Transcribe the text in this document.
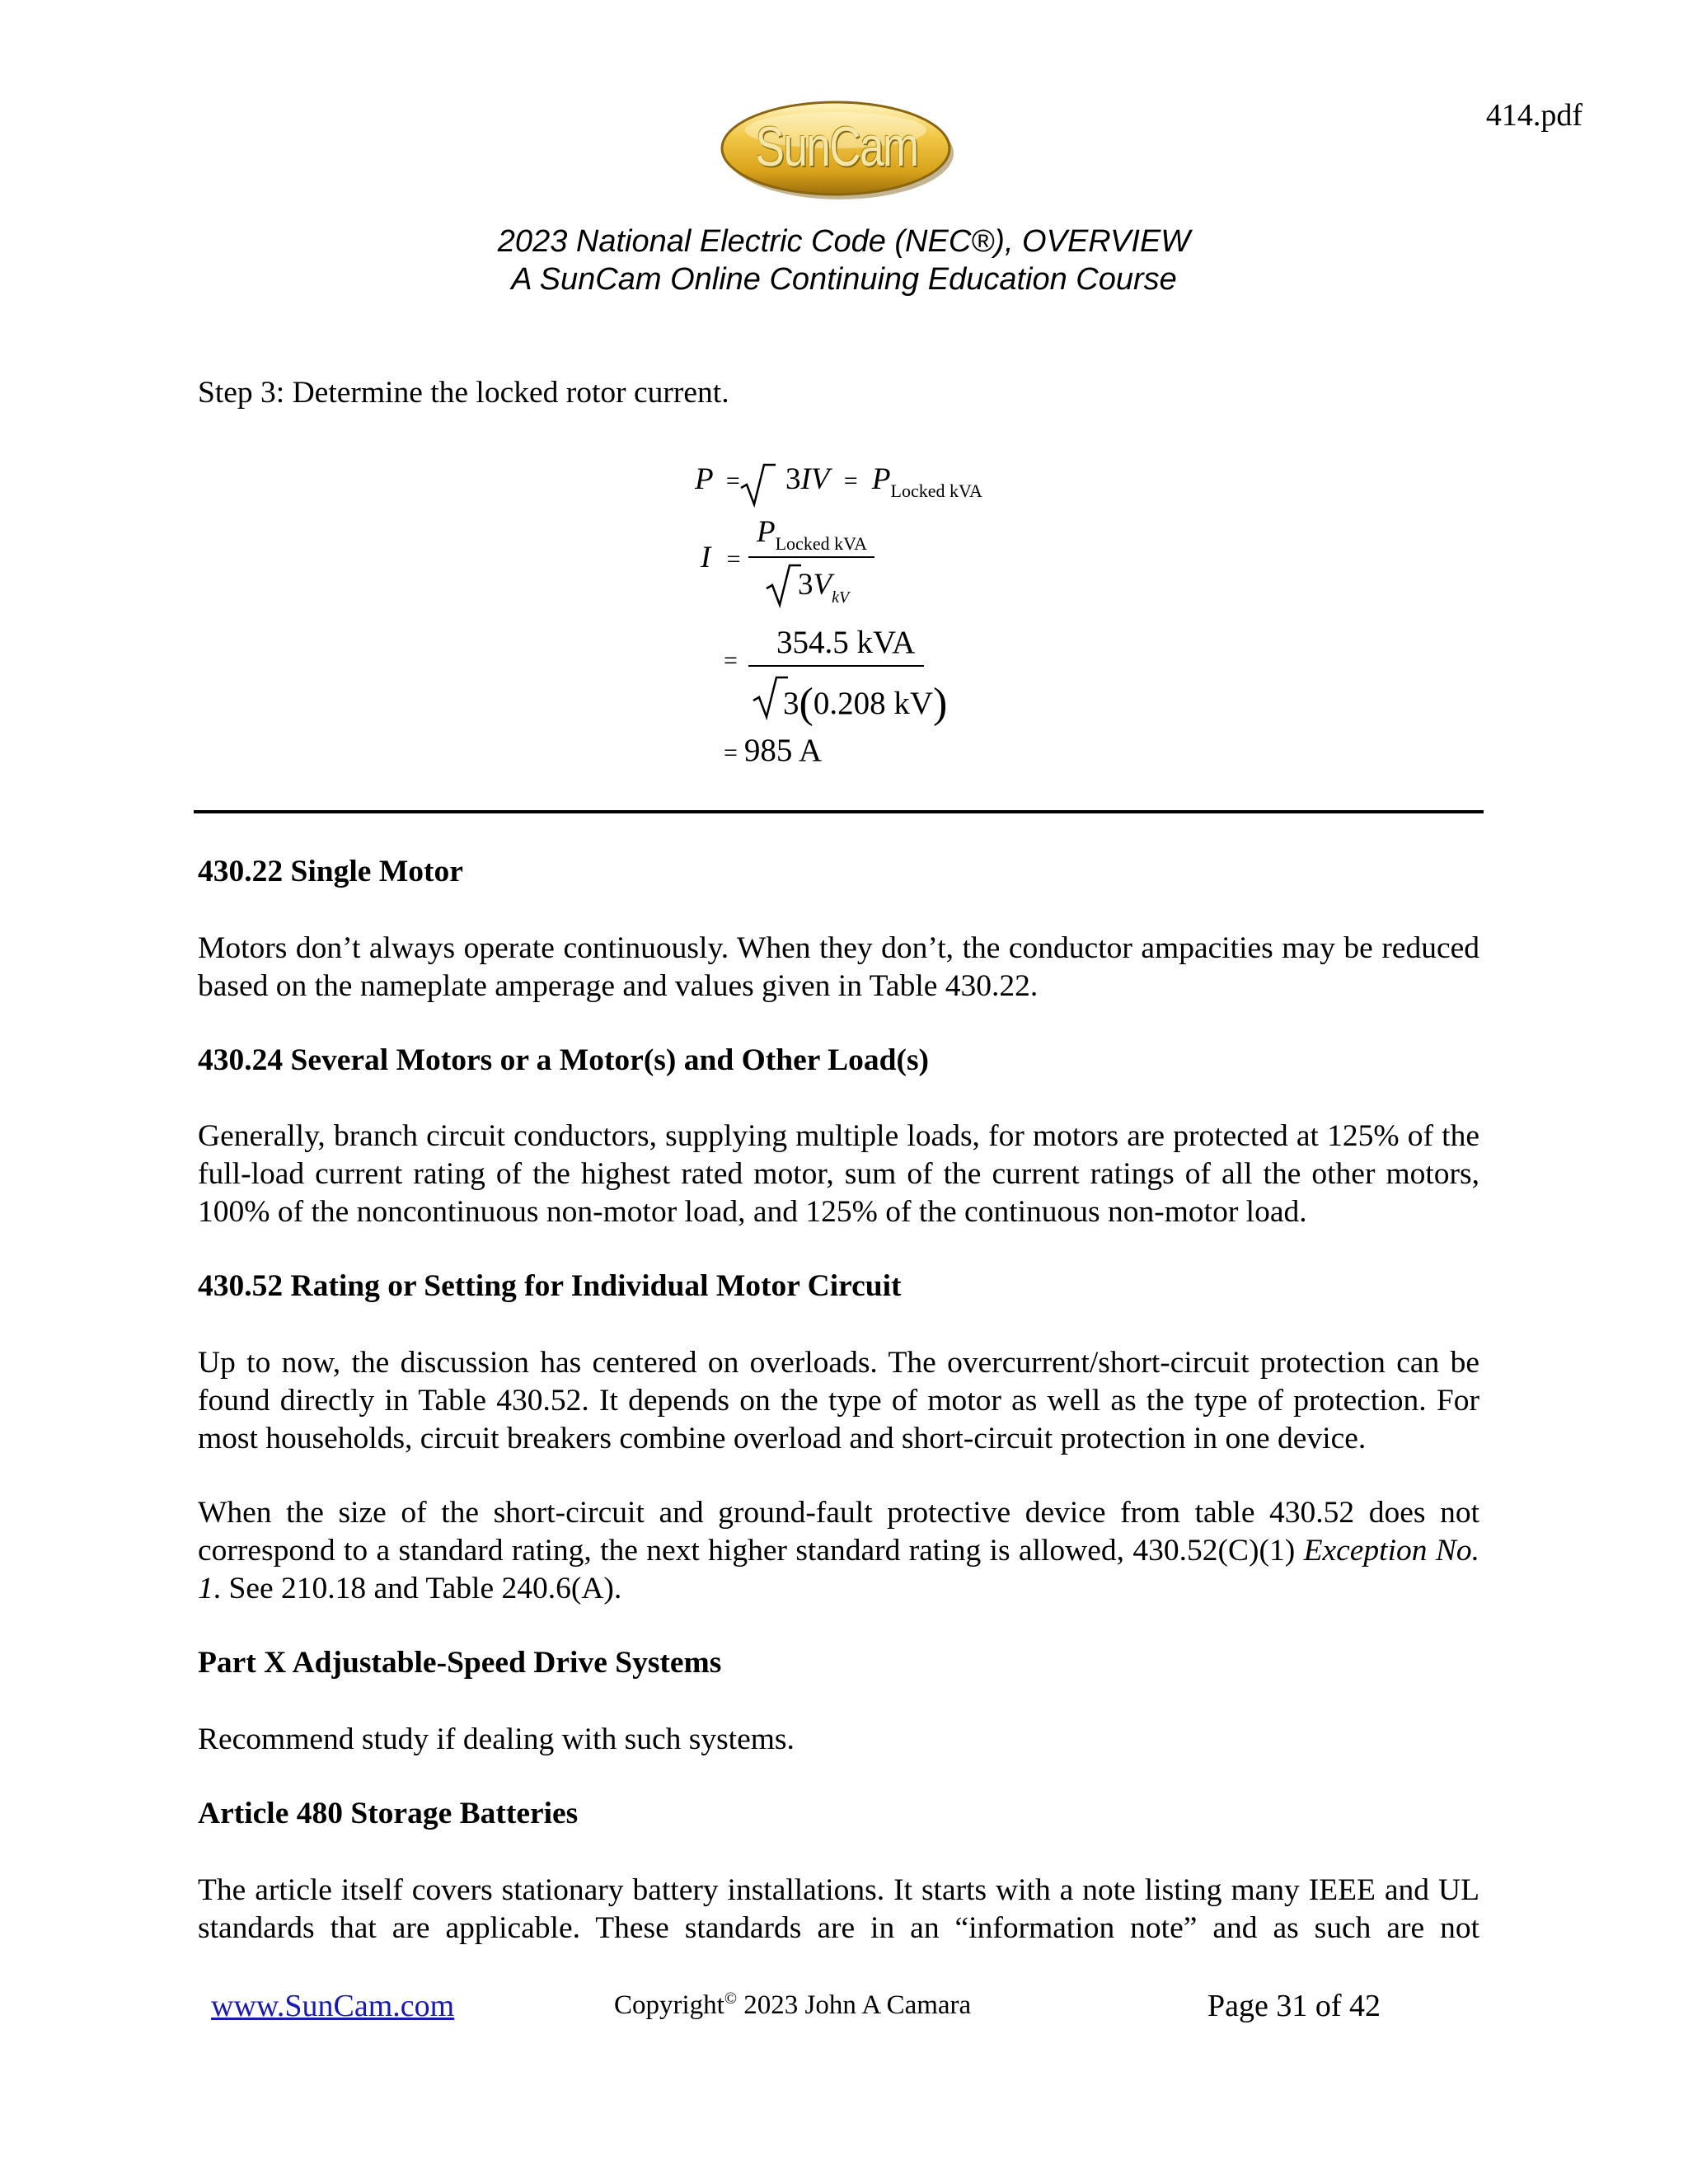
414.pdf
SunCam
2023 National Electric Code (NEC®), OVERVIEW
A SunCam Online Continuing Education Course
Step 3: Determine the locked rotor current.
$P = 3IV = P_{Locked kVA}$
I =
$P_{Locked kVA}$
$3V_{kV}$
=
354.5 kVA
3(0.208 kV)
= 985 A
430.22 Single Motor
Motors don’t always operate continuously. When they don’t, the conductor ampacities may be reduced based on the nameplate amperage and values given in Table 430.22.
430.24 Several Motors or a Motor(s) and Other Load(s)
Generally, branch circuit conductors, supplying multiple loads, for motors are protected at 125% of the full-load current rating of the highest rated motor, sum of the current ratings of all the other motors, 100% of the noncontinuous non-motor load, and 125% of the continuous non-motor load.
430.52 Rating or Setting for Individual Motor Circuit
Up to now, the discussion has centered on overloads. The overcurrent/short-circuit protection can be found directly in Table 430.52. It depends on the type of motor as well as the type of protection. For most households, circuit breakers combine overload and short-circuit protection in one device.
When the size of the short-circuit and ground-fault protective device from table 430.52 does not correspond to a standard rating, the next higher standard rating is allowed, 430.52(C)(1) Exception No. 1. See 210.18 and Table 240.6(A).
Part X Adjustable-Speed Drive Systems
Recommend study if dealing with such systems.
Article 480 Storage Batteries
The article itself covers stationary battery installations. It starts with a note listing many IEEE and UL standards that are applicable. These standards are in an “information note” and as such are not
www.SunCam.com	Copyright© 2023 John A Camara	Page 31 of 42
